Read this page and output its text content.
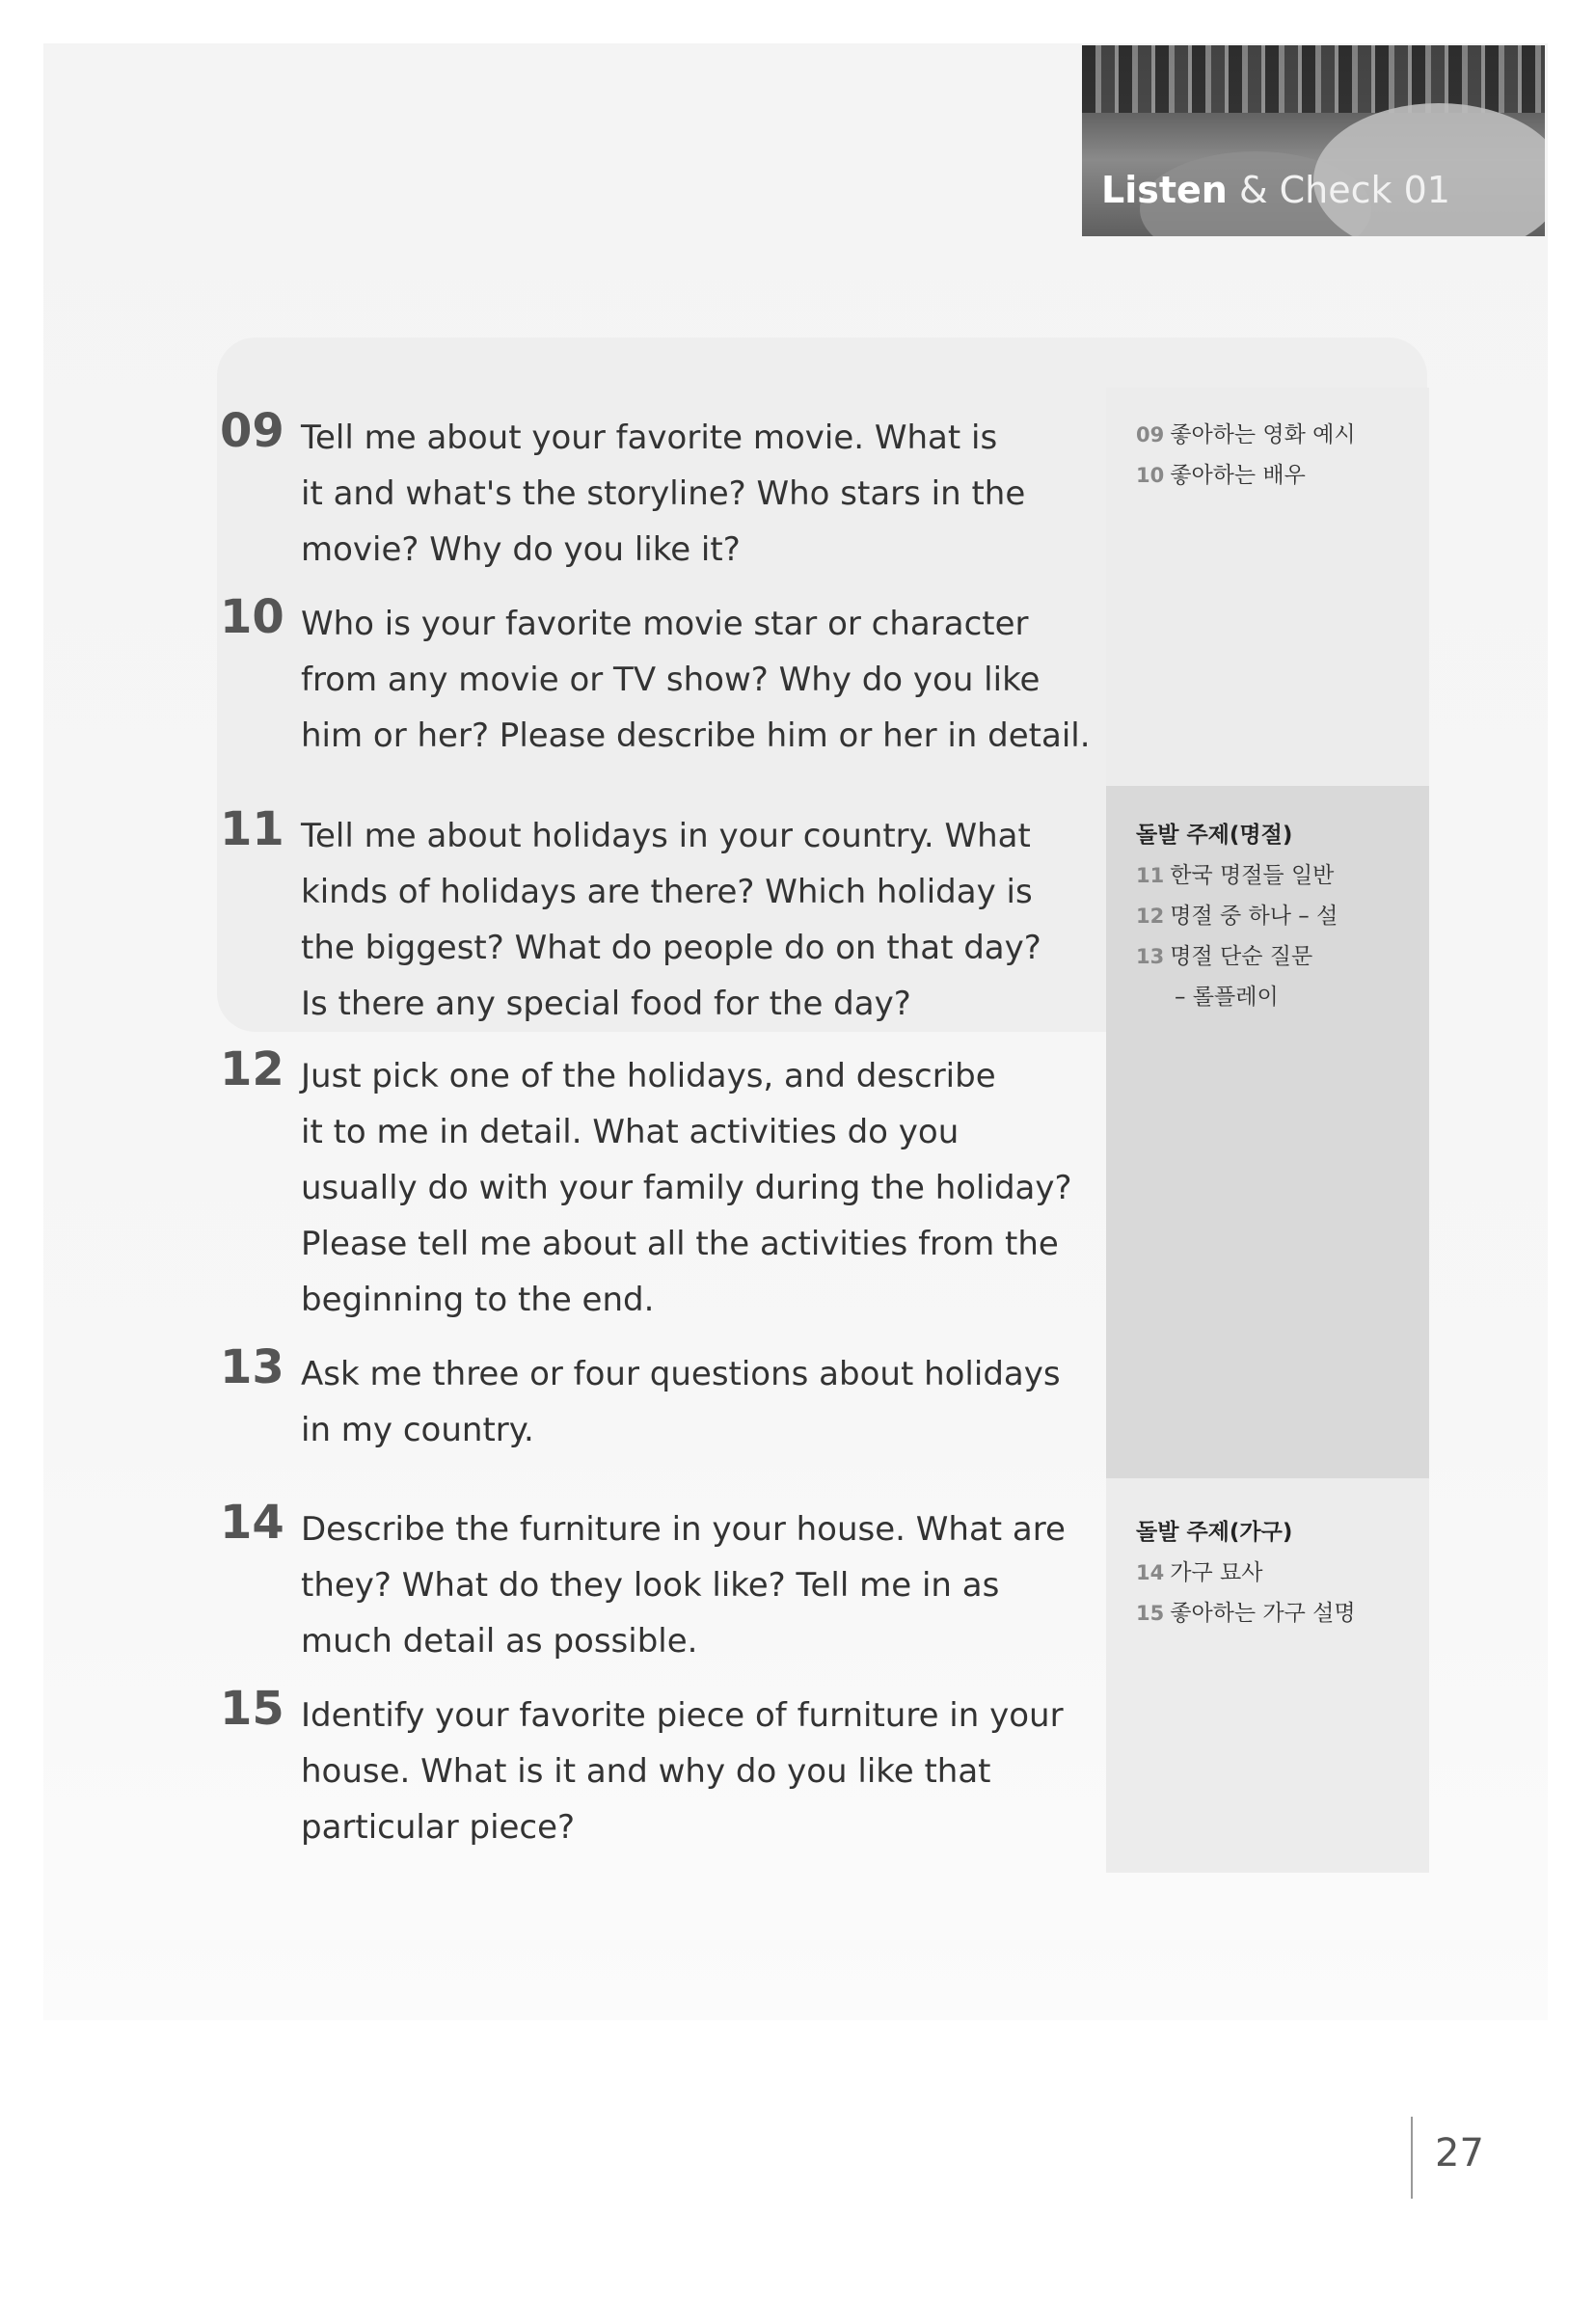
Listen & Check 01
09 Tell me about your favorite movie. What is
it and what's the storyline? Who stars in the
movie? Why do you like it?
10 Who is your favorite movie star or character
from any movie or TV show? Why do you like
him or her? Please describe him or her in detail.
11 Tell me about holidays in your country. What
kinds of holidays are there? Which holiday is
the biggest? What do people do on that day?
Is there any special food for the day?
12 Just pick one of the holidays, and describe
it to me in detail. What activities do you
usually do with your family during the holiday?
Please tell me about all the activities from the
beginning to the end.
13 Ask me three or four questions about holidays
in my country.
14 Describe the furniture in your house. What are
they? What do they look like? Tell me in as
much detail as possible.
15 Identify your favorite piece of furniture in your
house. What is it and why do you like that
particular piece?
09 좋아하는 영화 예시
10 좋아하는 배우
돌발 주제(명절)
11 한국 명절들 일반
12 명절 중 하나 – 설
13 명절 단순 질문
– 롤플레이
돌발 주제(가구)
14 가구 묘사
15 좋아하는 가구 설명
27
